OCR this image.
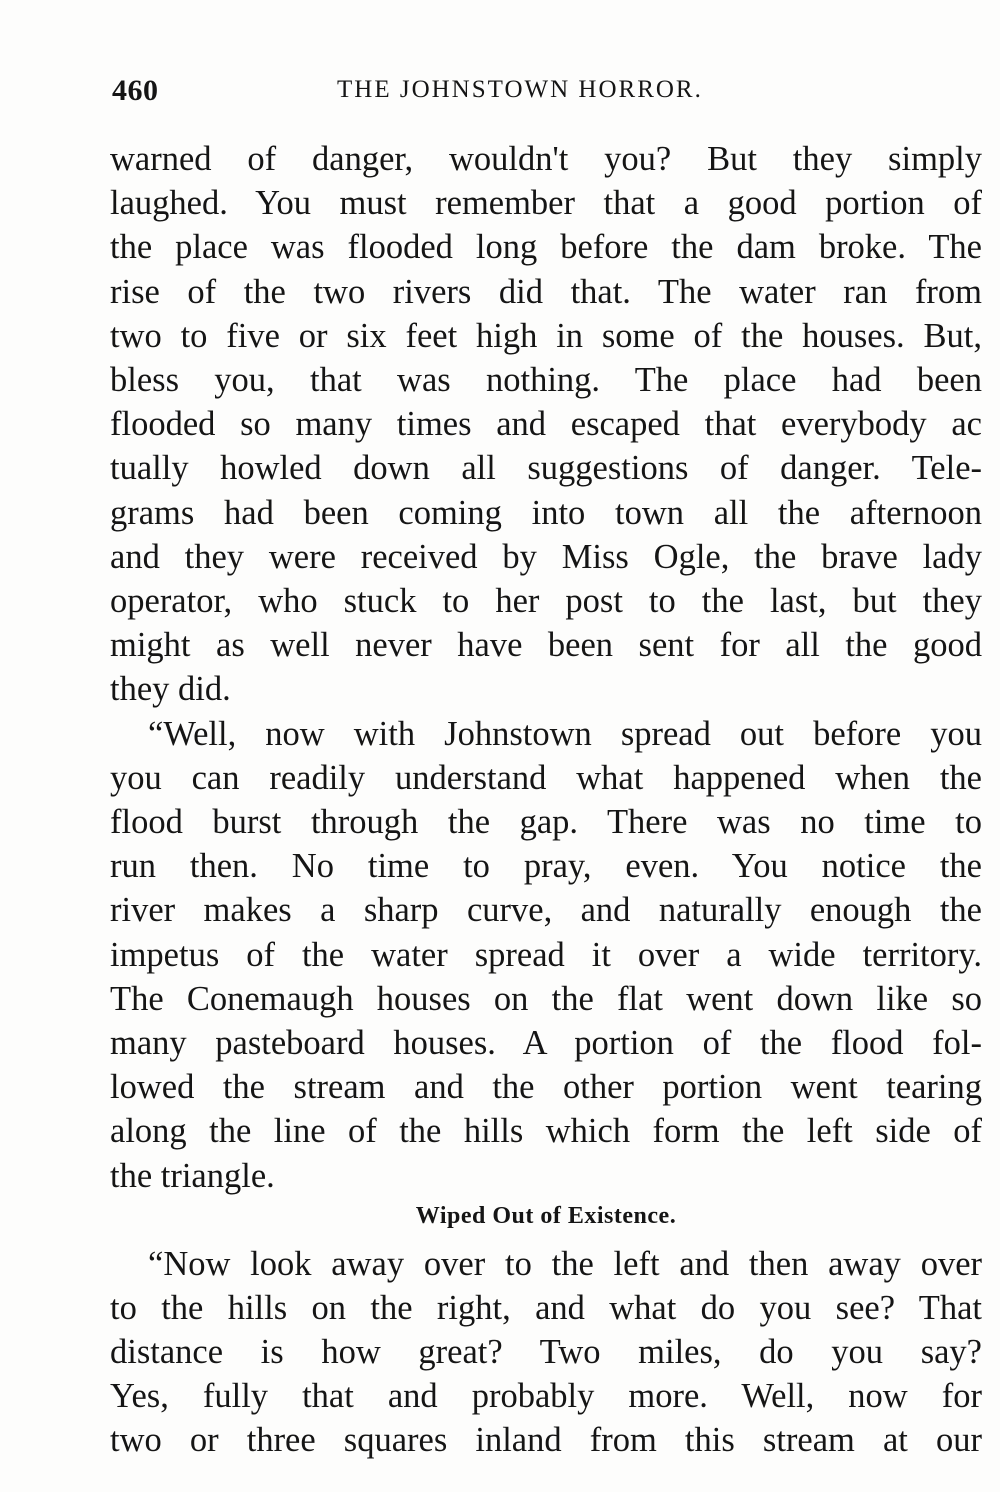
460	THE JOHNSTOWN HORROR.
warned of danger, wouldn't you? But they simply
laughed. You must remember that a good portion of
the place was flooded long before the dam broke. The
rise of the two rivers did that. The water ran from
two to five or six feet high in some of the houses. But,
bless you, that was nothing. The place had been
flooded so many times and escaped that everybody ac
tually howled down all suggestions of danger. Tele-
grams had been coming into town all the afternoon
and they were received by Miss Ogle, the brave lady
operator, who stuck to her post to the last, but they
might as well never have been sent for all the good
they did.
“Well, now with Johnstown spread out before you
you can readily understand what happened when the
flood burst through the gap. There was no time to
run then. No time to pray, even. You notice the
river makes a sharp curve, and naturally enough the
impetus of the water spread it over a wide territory.
The Conemaugh houses on the flat went down like so
many pasteboard houses. A portion of the flood fol-
lowed the stream and the other portion went tearing
along the line of the hills which form the left side of
the triangle.
Wiped Out of Existence.
“Now look away over to the left and then away over
to the hills on the right, and what do you see? That
distance is how great? Two miles, do you say?
Yes, fully that and probably more. Well, now for
two or three squares inland from this stream at our
